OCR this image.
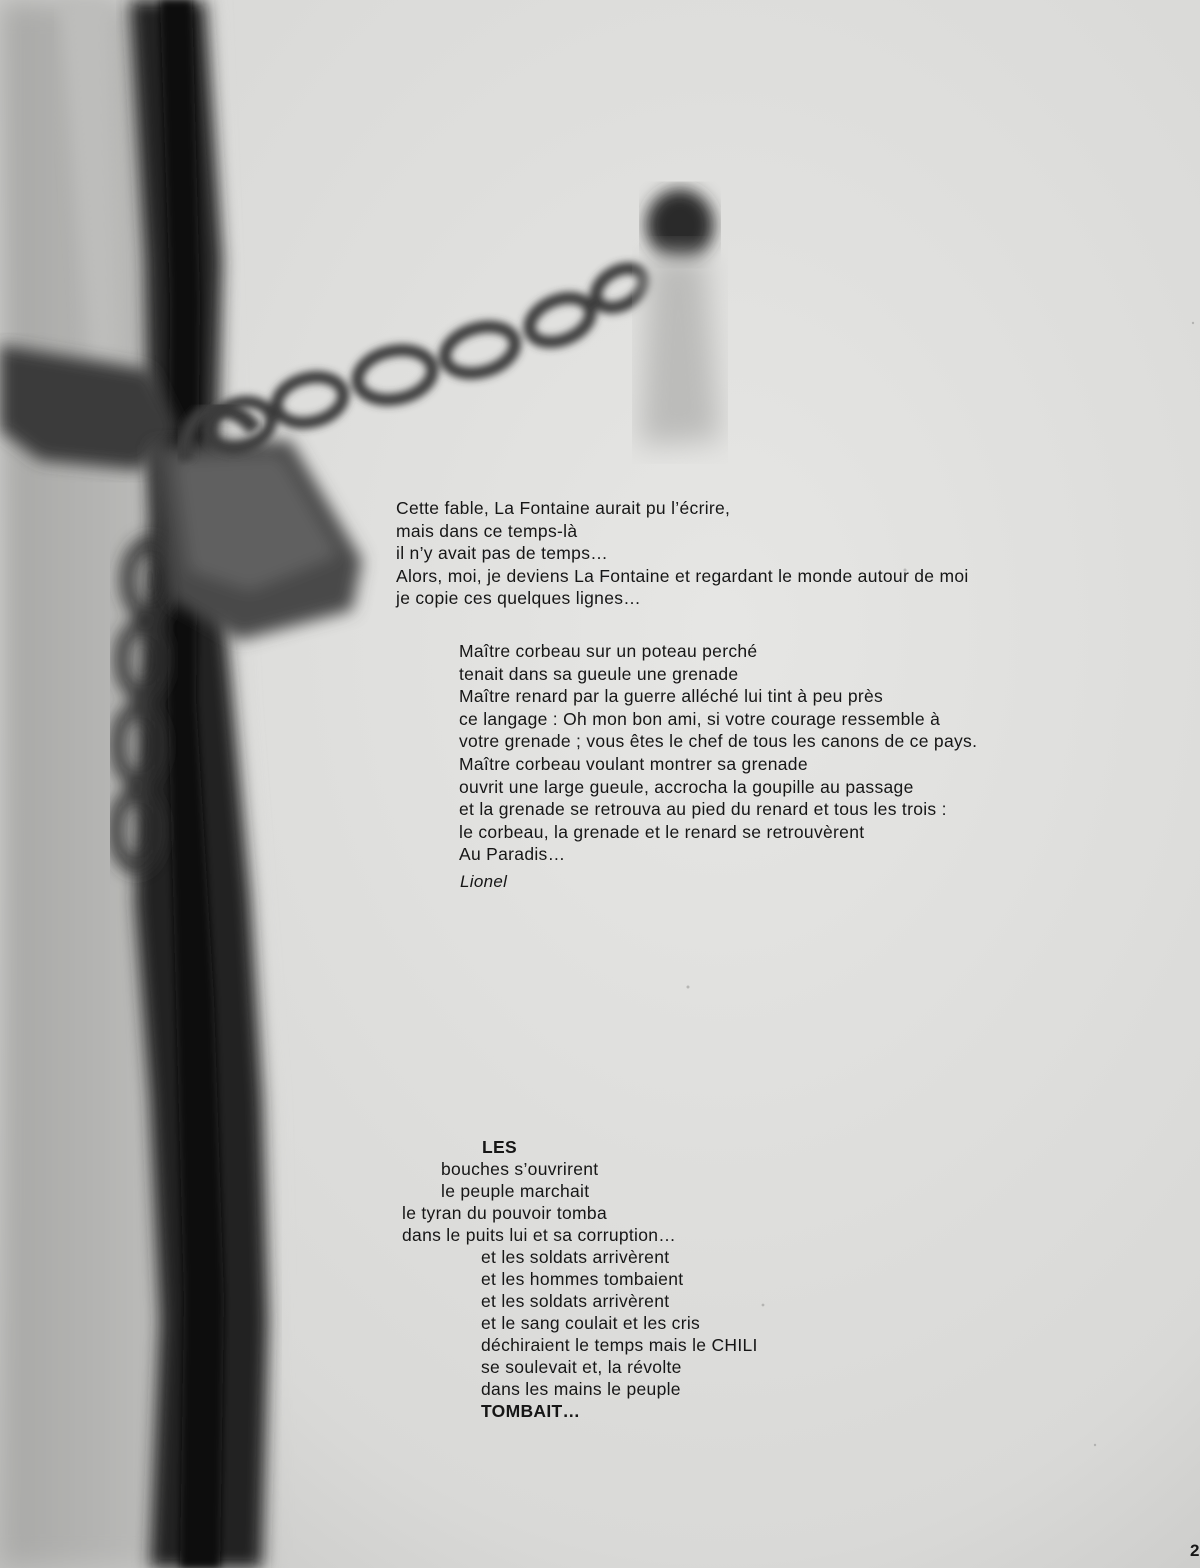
Cette fable, La Fontaine aurait pu l’écrire,
mais dans ce temps-là
il n’y avait pas de temps…
Alors, moi, je deviens La Fontaine et regardant le monde autour de moi
je copie ces quelques lignes…
Maître corbeau sur un poteau perché
tenait dans sa gueule une grenade
Maître renard par la guerre alléché lui tint à peu près
ce langage : Oh mon bon ami, si votre courage ressemble à
votre grenade ; vous êtes le chef de tous les canons de ce pays.
Maître corbeau voulant montrer sa grenade
ouvrit une large gueule, accrocha la goupille au passage
et la grenade se retrouva au pied du renard et tous les trois :
le corbeau, la grenade et le renard se retrouvèrent
Au Paradis…
Lionel
LES
bouches s’ouvrirent
le peuple marchait
le tyran du pouvoir tomba
dans le puits lui et sa corruption…
et les soldats arrivèrent
et les hommes tombaient
et les soldats arrivèrent
et le sang coulait et les cris
déchiraient le temps mais le CHILI
se soulevait et, la révolte
dans les mains le peuple
TOMBAIT…
2
